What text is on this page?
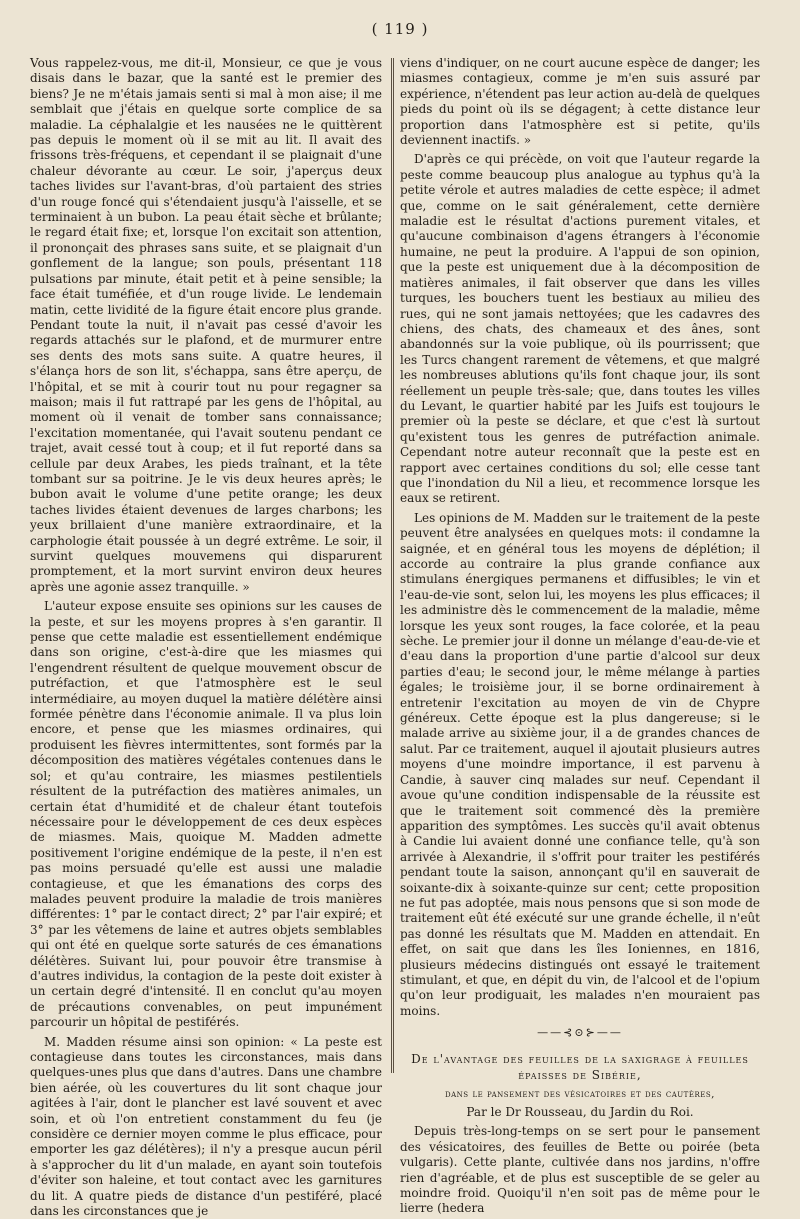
( 119 )

Vous rappelez-vous, me dit-il, Monsieur, ce que je vous disais dans le bazar, que la santé est le premier des biens? Je ne m'étais jamais senti si mal à mon aise; il me semblait que j'étais en quelque sorte complice de sa maladie. La céphalalgie et les nausées ne le quittèrent pas depuis le moment où il se mit au lit. Il avait des frissons très-fréquens, et cependant il se plaignait d'une chaleur dévorante au cœur. Le soir, j'aperçus deux taches livides sur l'avant-bras, d'où partaient des stries d'un rouge foncé qui s'étendaient jusqu'à l'aisselle, et se terminaient à un bubon. La peau était sèche et brûlante; le regard était fixe; et, lorsque l'on excitait son attention, il prononçait des phrases sans suite, et se plaignait d'un gonflement de la langue; son pouls, présentant 118 pulsations par minute, était petit et à peine sensible; la face était tuméfiée, et d'un rouge livide. Le lendemain matin, cette lividité de la figure était encore plus grande. Pendant toute la nuit, il n'avait pas cessé d'avoir les regards attachés sur le plafond, et de murmurer entre ses dents des mots sans suite. A quatre heures, il s'élança hors de son lit, s'échappa, sans être aperçu, de l'hôpital, et se mit à courir tout nu pour regagner sa maison; mais il fut rattrapé par les gens de l'hôpital, au moment où il venait de tomber sans connaissance; l'excitation momentanée, qui l'avait soutenu pendant ce trajet, avait cessé tout à coup; et il fut reporté dans sa cellule par deux Arabes, les pieds traînant, et la tête tombant sur sa poitrine. Je le vis deux heures après; le bubon avait le volume d'une petite orange; les deux taches livides étaient devenues de larges charbons; les yeux brillaient d'une manière extraordinaire, et la carphologie était poussée à un degré extrême. Le soir, il survint quelques mouvemens qui disparurent promptement, et la mort survint environ deux heures après une agonie assez tranquille. »

L'auteur expose ensuite ses opinions sur les causes de la peste, et sur les moyens propres à s'en garantir. Il pense que cette maladie est essentiellement endémique dans son origine, c'est-à-dire que les miasmes qui l'engendrent résultent de quelque mouvement obscur de putréfaction, et que l'atmosphère est le seul intermédiaire, au moyen duquel la matière délétère ainsi formée pénètre dans l'économie animale. Il va plus loin encore, et pense que les miasmes ordinaires, qui produisent les fièvres intermittentes, sont formés par la décomposition des matières végétales contenues dans le sol; et qu'au contraire, les miasmes pestilentiels résultent de la putréfaction des matières animales, un certain état d'humidité et de chaleur étant toutefois nécessaire pour le développement de ces deux espèces de miasmes. Mais, quoique M. Madden admette positivement l'origine endémique de la peste, il n'en est pas moins persuadé qu'elle est aussi une maladie contagieuse, et que les émanations des corps des malades peuvent produire la maladie de trois manières différentes: 1° par le contact direct; 2° par l'air expiré; et 3° par les vêtemens de laine et autres objets semblables qui ont été en quelque sorte saturés de ces émanations délétères. Suivant lui, pour pouvoir être transmise à d'autres individus, la contagion de la peste doit exister à un certain degré d'intensité. Il en conclut qu'au moyen de précautions convenables, on peut impunément parcourir un hôpital de pestiférés.

M. Madden résume ainsi son opinion: « La peste est contagieuse dans toutes les circonstances, mais dans quelques-unes plus que dans d'autres. Dans une chambre bien aérée, où les couvertures du lit sont chaque jour agitées à l'air, dont le plancher est lavé souvent et avec soin, et où l'on entretient constamment du feu (je considère ce dernier moyen comme le plus efficace, pour emporter les gaz délétères); il n'y a presque aucun péril à s'approcher du lit d'un malade, en ayant soin toutefois d'éviter son haleine, et tout contact avec les garnitures du lit. A quatre pieds de distance d'un pestiféré, placé dans les circonstances que je

viens d'indiquer, on ne court aucune espèce de danger; les miasmes contagieux, comme je m'en suis assuré par expérience, n'étendent pas leur action au-delà de quelques pieds du point où ils se dégagent; à cette distance leur proportion dans l'atmosphère est si petite, qu'ils deviennent inactifs. »

D'après ce qui précède, on voit que l'auteur regarde la peste comme beaucoup plus analogue au typhus qu'à la petite vérole et autres maladies de cette espèce; il admet que, comme on le sait généralement, cette dernière maladie est le résultat d'actions purement vitales, et qu'aucune combinaison d'agens étrangers à l'économie humaine, ne peut la produire. A l'appui de son opinion, que la peste est uniquement due à la décomposition de matières animales, il fait observer que dans les villes turques, les bouchers tuent les bestiaux au milieu des rues, qui ne sont jamais nettoyées; que les cadavres des chiens, des chats, des chameaux et des ânes, sont abandonnés sur la voie publique, où ils pourrissent; que les Turcs changent rarement de vêtemens, et que malgré les nombreuses ablutions qu'ils font chaque jour, ils sont réellement un peuple très-sale; que, dans toutes les villes du Levant, le quartier habité par les Juifs est toujours le premier où la peste se déclare, et que c'est là surtout qu'existent tous les genres de putréfaction animale. Cependant notre auteur reconnaît que la peste est en rapport avec certaines conditions du sol; elle cesse tant que l'inondation du Nil a lieu, et recommence lorsque les eaux se retirent.

Les opinions de M. Madden sur le traitement de la peste peuvent être analysées en quelques mots: il condamne la saignée, et en général tous les moyens de déplétion; il accorde au contraire la plus grande confiance aux stimulans énergiques permanens et diffusibles; le vin et l'eau-de-vie sont, selon lui, les moyens les plus efficaces; il les administre dès le commencement de la maladie, même lorsque les yeux sont rouges, la face colorée, et la peau sèche. Le premier jour il donne un mélange d'eau-de-vie et d'eau dans la proportion d'une partie d'alcool sur deux parties d'eau; le second jour, le même mélange à parties égales; le troisième jour, il se borne ordinairement à entretenir l'excitation au moyen de vin de Chypre généreux. Cette époque est la plus dangereuse; si le malade arrive au sixième jour, il a de grandes chances de salut. Par ce traitement, auquel il ajoutait plusieurs autres moyens d'une moindre importance, il est parvenu à Candie, à sauver cinq malades sur neuf. Cependant il avoue qu'une condition indispensable de la réussite est que le traitement soit commencé dès la première apparition des symptômes. Les succès qu'il avait obtenus à Candie lui avaient donné une confiance telle, qu'à son arrivée à Alexandrie, il s'offrit pour traiter les pestiférés pendant toute la saison, annonçant qu'il en sauverait de soixante-dix à soixante-quinze sur cent; cette proposition ne fut pas adoptée, mais nous pensons que si son mode de traitement eût été exécuté sur une grande échelle, il n'eût pas donné les résultats que M. Madden en attendait. En effet, on sait que dans les îles Ioniennes, en 1816, plusieurs médecins distingués ont essayé le traitement stimulant, et que, en dépit du vin, de l'alcool et de l'opium qu'on leur prodiguait, les malades n'en mouraient pas moins.

——⊰⊙⊱——
De l'avantage des feuilles de la saxigrage à feuilles épaisses de Sibérie,
dans le pansement des vésicatoires et des cautères,
Par le Dr Rousseau, du Jardin du Roi.

Depuis très-long-temps on se sert pour le pansement des vésicatoires, des feuilles de Bette ou poirée (beta vulgaris). Cette plante, cultivée dans nos jardins, n'offre rien d'agréable, et de plus est susceptible de se geler au moindre froid. Quoiqu'il n'en soit pas de même pour le lierre (hedera
